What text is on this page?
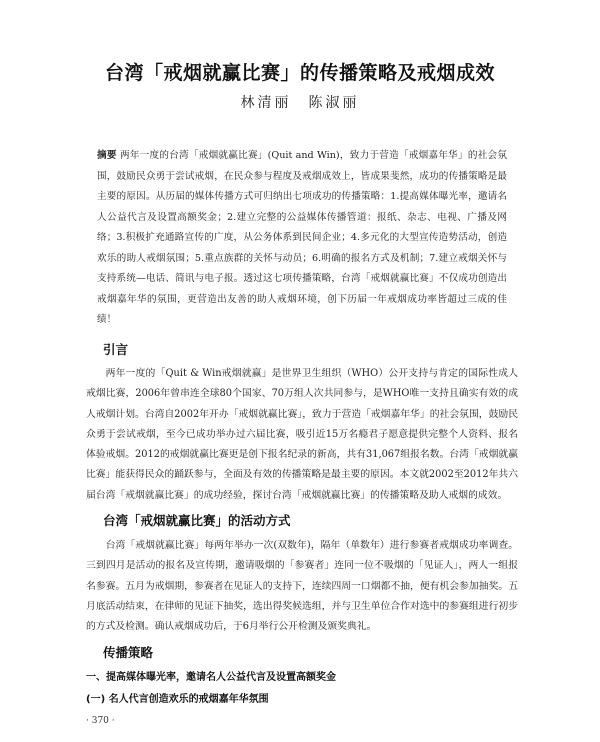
台湾「戒烟就赢比赛」的传播策略及戒烟成效
林清丽　陈淑丽
摘要 两年一度的台湾「戒烟就赢比赛」(Quit and Win)，致力于营造「戒烟嘉年华」的社会氛围，鼓励民众勇于尝试戒烟，在民众参与程度及戒烟成效上，皆成果斐然，成功的传播策略是最主要的原因。从历届的媒体传播方式可归纳出七项成功的传播策略：1.提高媒体曝光率，邀请名人公益代言及设置高额奖金；2.建立完整的公益媒体传播管道：报纸、杂志、电视、广播及网络；3.积极扩充通路宣传的广度，从公务体系到民间企业；4.多元化的大型宣传造势活动，创造欢乐的助人戒烟氛围；5.重点族群的关怀与动员；6.明确的报名方式及机制；7.建立戒烟关怀与支持系统—电话、简讯与电子报。透过这七项传播策略，台湾「戒烟就赢比赛」不仅成功创造出戒烟嘉年华的氛围，更营造出友善的助人戒烟环境，创下历届一年戒烟成功率皆超过三成的佳绩！
引言
两年一度的「Quit & Win戒烟就赢」是世界卫生组织（WHO）公开支持与肯定的国际性成人戒烟比赛，2006年曾串连全球80个国家、70万组人次共同参与，是WHO唯一支持且确实有效的成人戒烟计划。台湾自2002年开办「戒烟就赢比赛」，致力于营造「戒烟嘉年华」的社会氛围，鼓励民众勇于尝试戒烟，至今已成功举办过六届比赛，吸引近15万名瘾君子愿意提供完整个人资料、报名体验戒烟。2012的戒烟就赢比赛更是创下报名纪录的新高，共有31,067组报名数。台湾「戒烟就赢比赛」能获得民众的踊跃参与，全面及有效的传播策略是最主要的原因。本文就2002至2012年共六届台湾「戒烟就赢比赛」的成功经验，探讨台湾「戒烟就赢比赛」的传播策略及助人戒烟的成效。
台湾「戒烟就赢比赛」的活动方式
台湾「戒烟就赢比赛」每两年举办一次(双数年)，隔年（单数年）进行参赛者戒烟成功率调查。三到四月是活动的报名及宣传期，邀请吸烟的「参赛者」连同一位不吸烟的「见证人」，两人一组报名参赛。五月为戒烟期，参赛者在见证人的支持下，连续四周一口烟都不抽，便有机会参加抽奖。五月底活动结束，在律师的见证下抽奖，选出得奖候选组，并与卫生单位合作对选中的参赛组进行初步的方式及检测。确认戒烟成功后，于6月举行公开检测及颁奖典礼。
传播策略
一、提高媒体曝光率，邀请名人公益代言及设置高额奖金
(一) 名人代言创造欢乐的戒烟嘉年华氛围
· 370 ·
